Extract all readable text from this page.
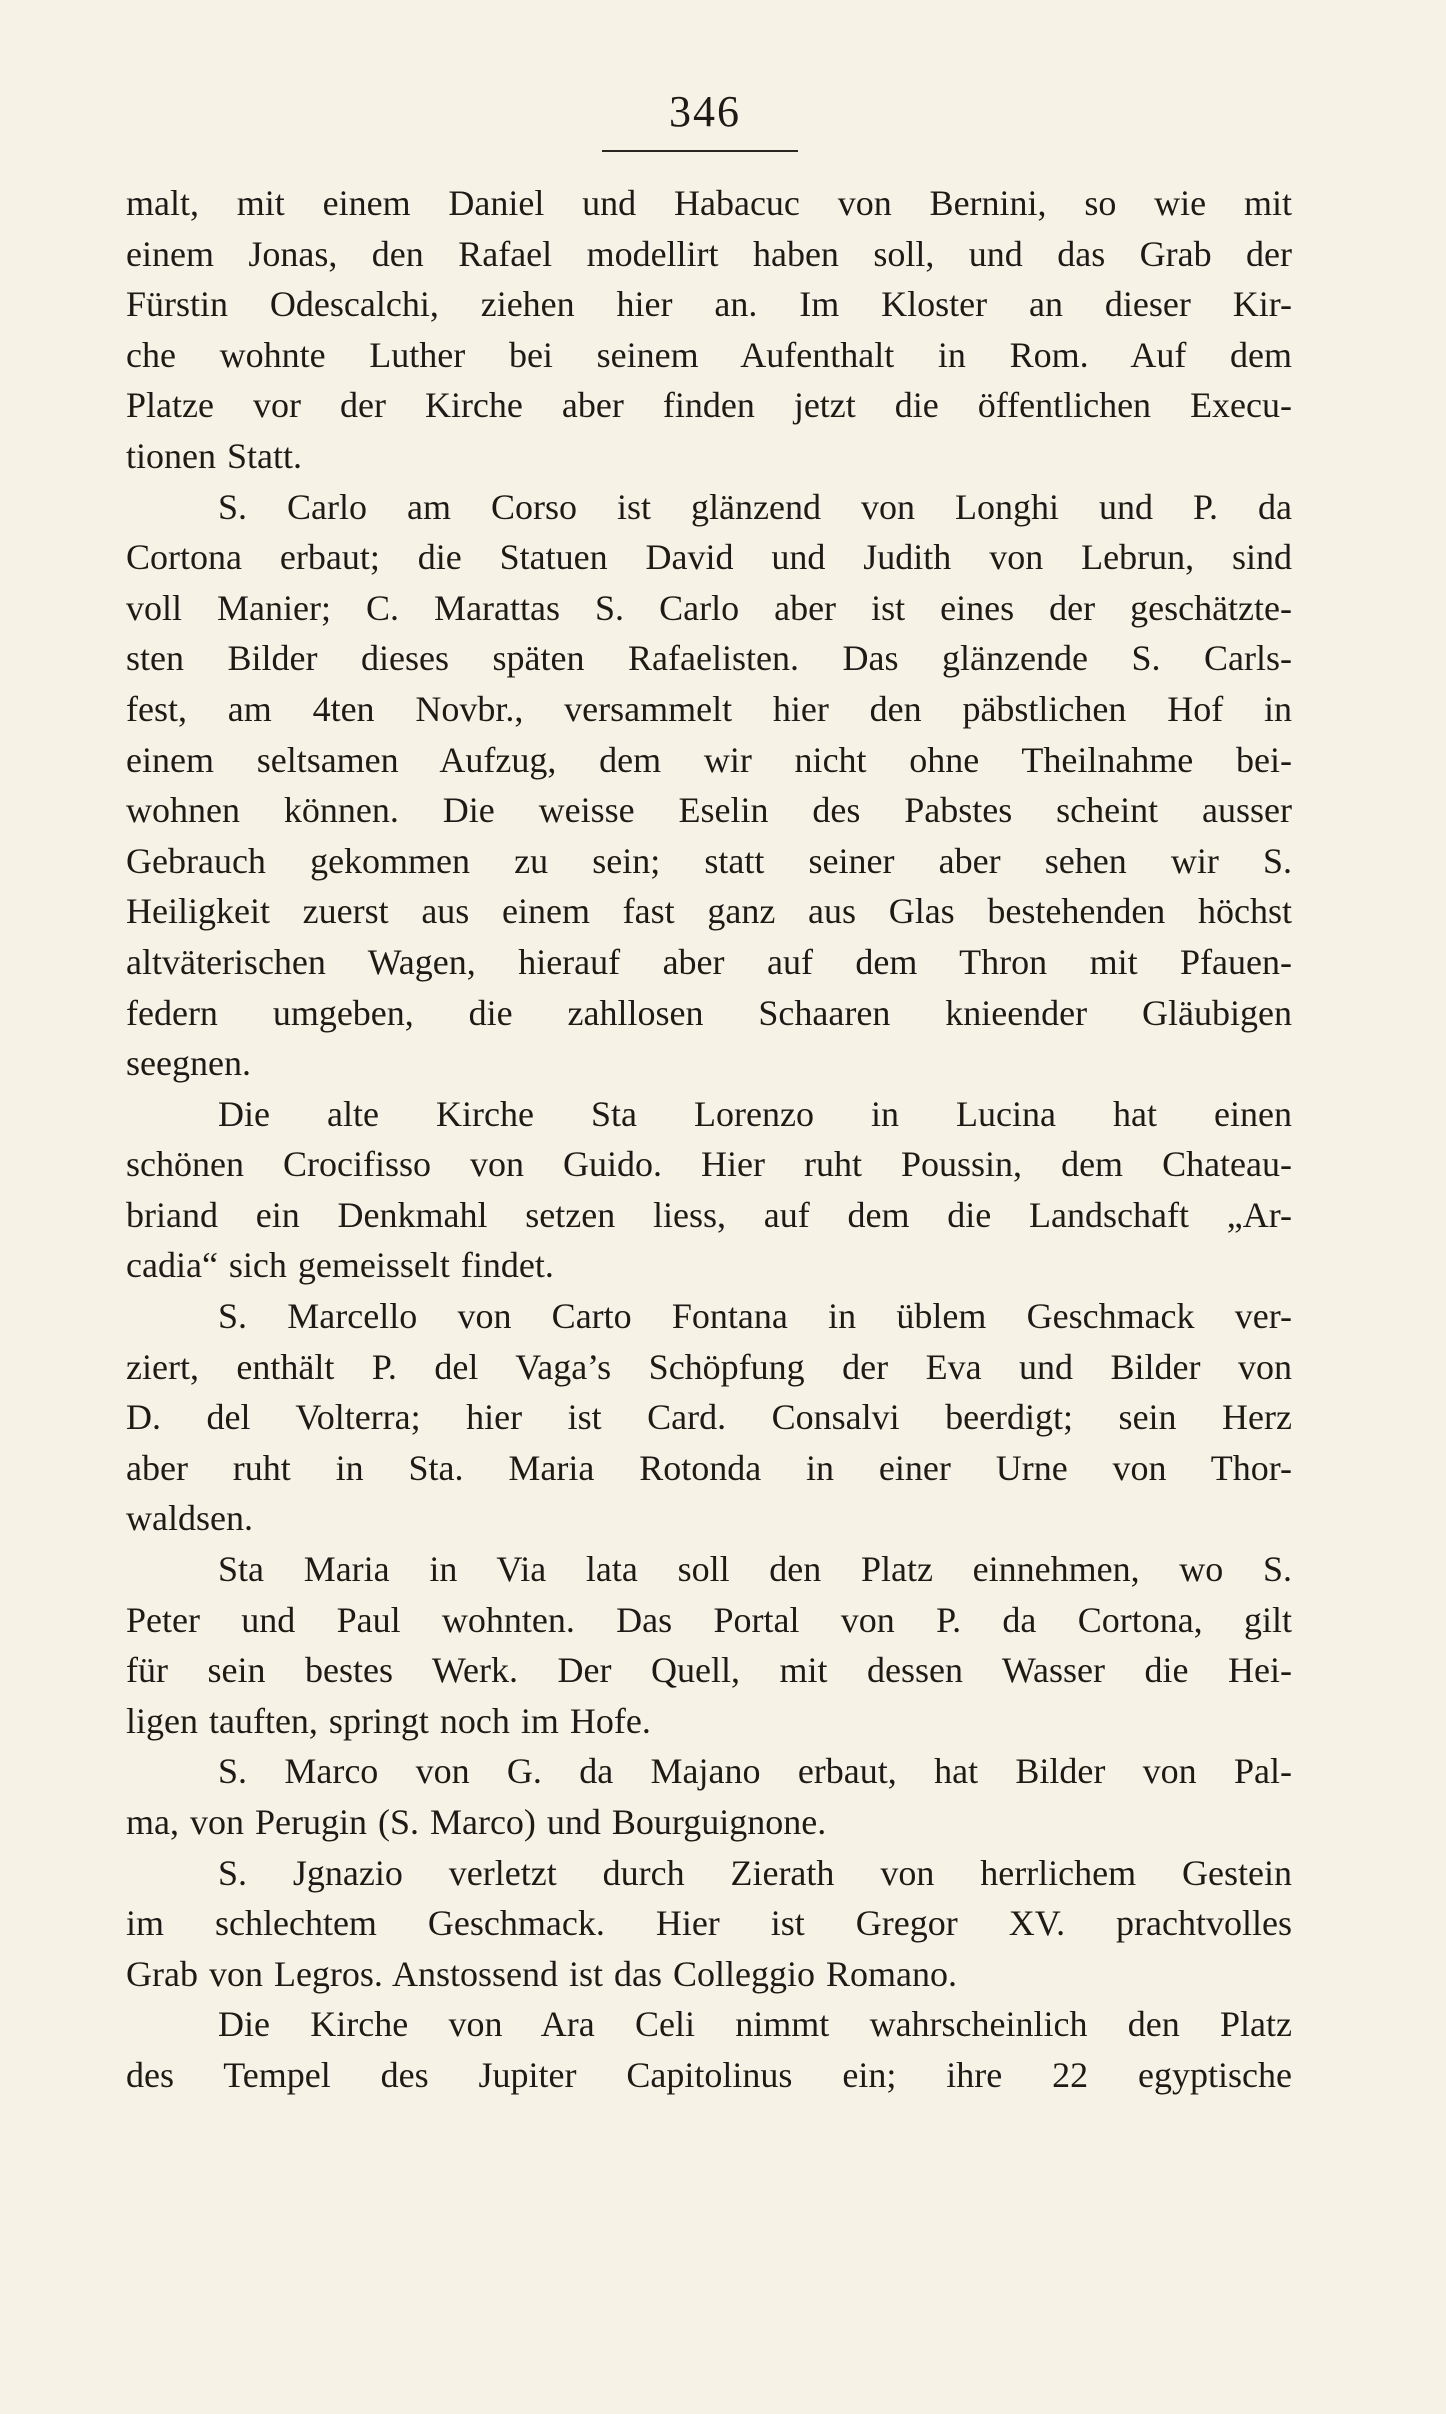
346

malt, mit einem Daniel und Habacuc von Bernini, so wie mit

einem Jonas, den Rafael modellirt haben soll, und das Grab der

Fürstin Odescalchi, ziehen hier an. Im Kloster an dieser Kir-

che wohnte Luther bei seinem Aufenthalt in Rom. Auf dem

Platze vor der Kirche aber finden jetzt die öffentlichen Execu-

tionen Statt.

S. Carlo am Corso ist glänzend von Longhi und P. da

Cortona erbaut; die Statuen David und Judith von Lebrun, sind

voll Manier; C. Marattas S. Carlo aber ist eines der geschätzte-

sten Bilder dieses späten Rafaelisten. Das glänzende S. Carls-

fest, am 4ten Novbr., versammelt hier den päbstlichen Hof in

einem seltsamen Aufzug, dem wir nicht ohne Theilnahme bei-

wohnen können. Die weisse Eselin des Pabstes scheint ausser

Gebrauch gekommen zu sein; statt seiner aber sehen wir S.

Heiligkeit zuerst aus einem fast ganz aus Glas bestehenden höchst

altväterischen Wagen, hierauf aber auf dem Thron mit Pfauen-

federn umgeben, die zahllosen Schaaren knieender Gläubigen

seegnen.

Die alte Kirche Sta Lorenzo in Lucina hat einen

schönen Crocifisso von Guido. Hier ruht Poussin, dem Chateau-

briand ein Denkmahl setzen liess, auf dem die Landschaft „Ar-

cadia“ sich gemeisselt findet.

S. Marcello von Carto Fontana in üblem Geschmack ver-

ziert, enthält P. del Vaga’s Schöpfung der Eva und Bilder von

D. del Volterra; hier ist Card. Consalvi beerdigt; sein Herz

aber ruht in Sta. Maria Rotonda in einer Urne von Thor-

waldsen.

Sta Maria in Via lata soll den Platz einnehmen, wo S.

Peter und Paul wohnten. Das Portal von P. da Cortona, gilt

für sein bestes Werk. Der Quell, mit dessen Wasser die Hei-

ligen tauften, springt noch im Hofe.

S. Marco von G. da Majano erbaut, hat Bilder von Pal-

ma, von Perugin (S. Marco) und Bourguignone.

S. Jgnazio verletzt durch Zierath von herrlichem Gestein

im schlechtem Geschmack. Hier ist Gregor XV. prachtvolles

Grab von Legros. Anstossend ist das Colleggio Romano.

Die Kirche von Ara Celi nimmt wahrscheinlich den Platz

des Tempel des Jupiter Capitolinus ein; ihre 22 egyptische
